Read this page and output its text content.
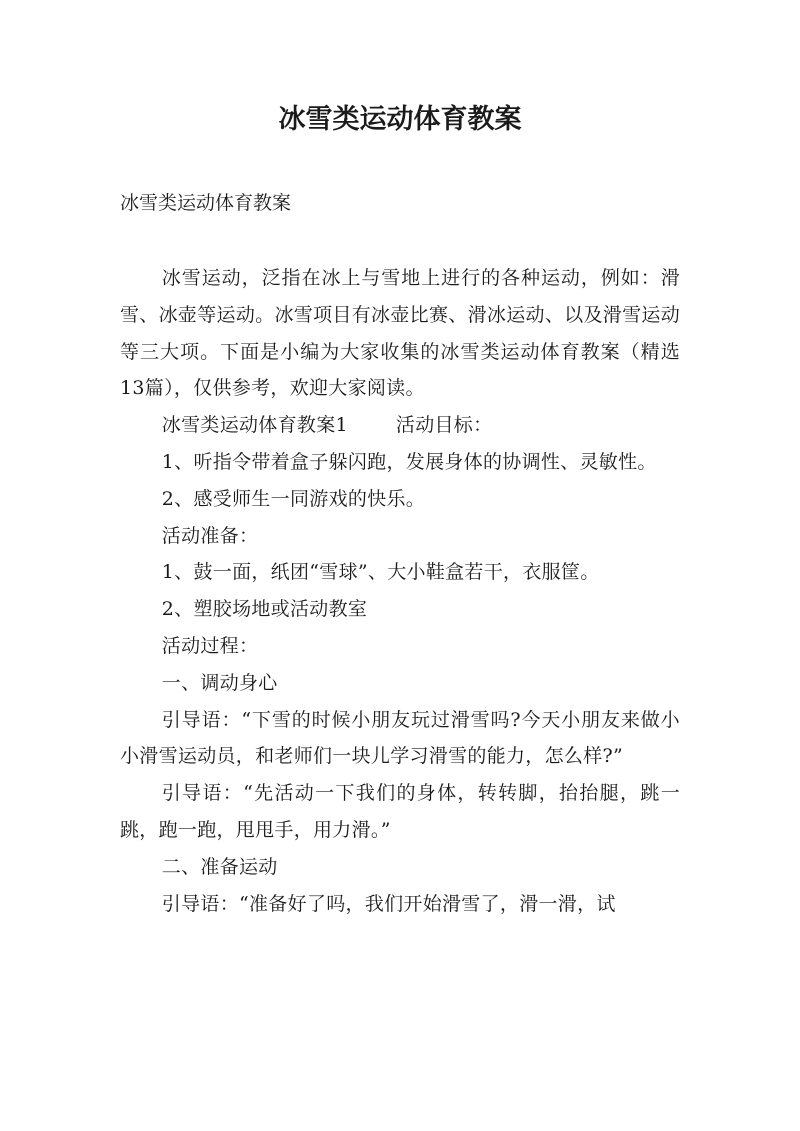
冰雪类运动体育教案

冰雪类运动体育教案

冰雪运动，泛指在冰上与雪地上进行的各种运动，例如：滑雪、冰壶等运动。冰雪项目有冰壶比赛、滑冰运动、以及滑雪运动等三大项。下面是小编为大家收集的冰雪类运动体育教案（精选13篇），仅供参考，欢迎大家阅读。

冰雪类运动体育教案1	活动目标：

1、听指令带着盒子躲闪跑，发展身体的协调性、灵敏性。

2、感受师生一同游戏的快乐。

活动准备：

1、鼓一面，纸团“雪球”、大小鞋盒若干，衣服筐。

2、塑胶场地或活动教室

活动过程：

一、调动身心

引导语：“下雪的时候小朋友玩过滑雪吗?今天小朋友来做小小滑雪运动员，和老师们一块儿学习滑雪的能力，怎么样?”

引导语：“先活动一下我们的身体，转转脚，抬抬腿，跳一跳，跑一跑，甩甩手，用力滑。”

二、准备运动

引导语：“准备好了吗，我们开始滑雪了，滑一滑，试
